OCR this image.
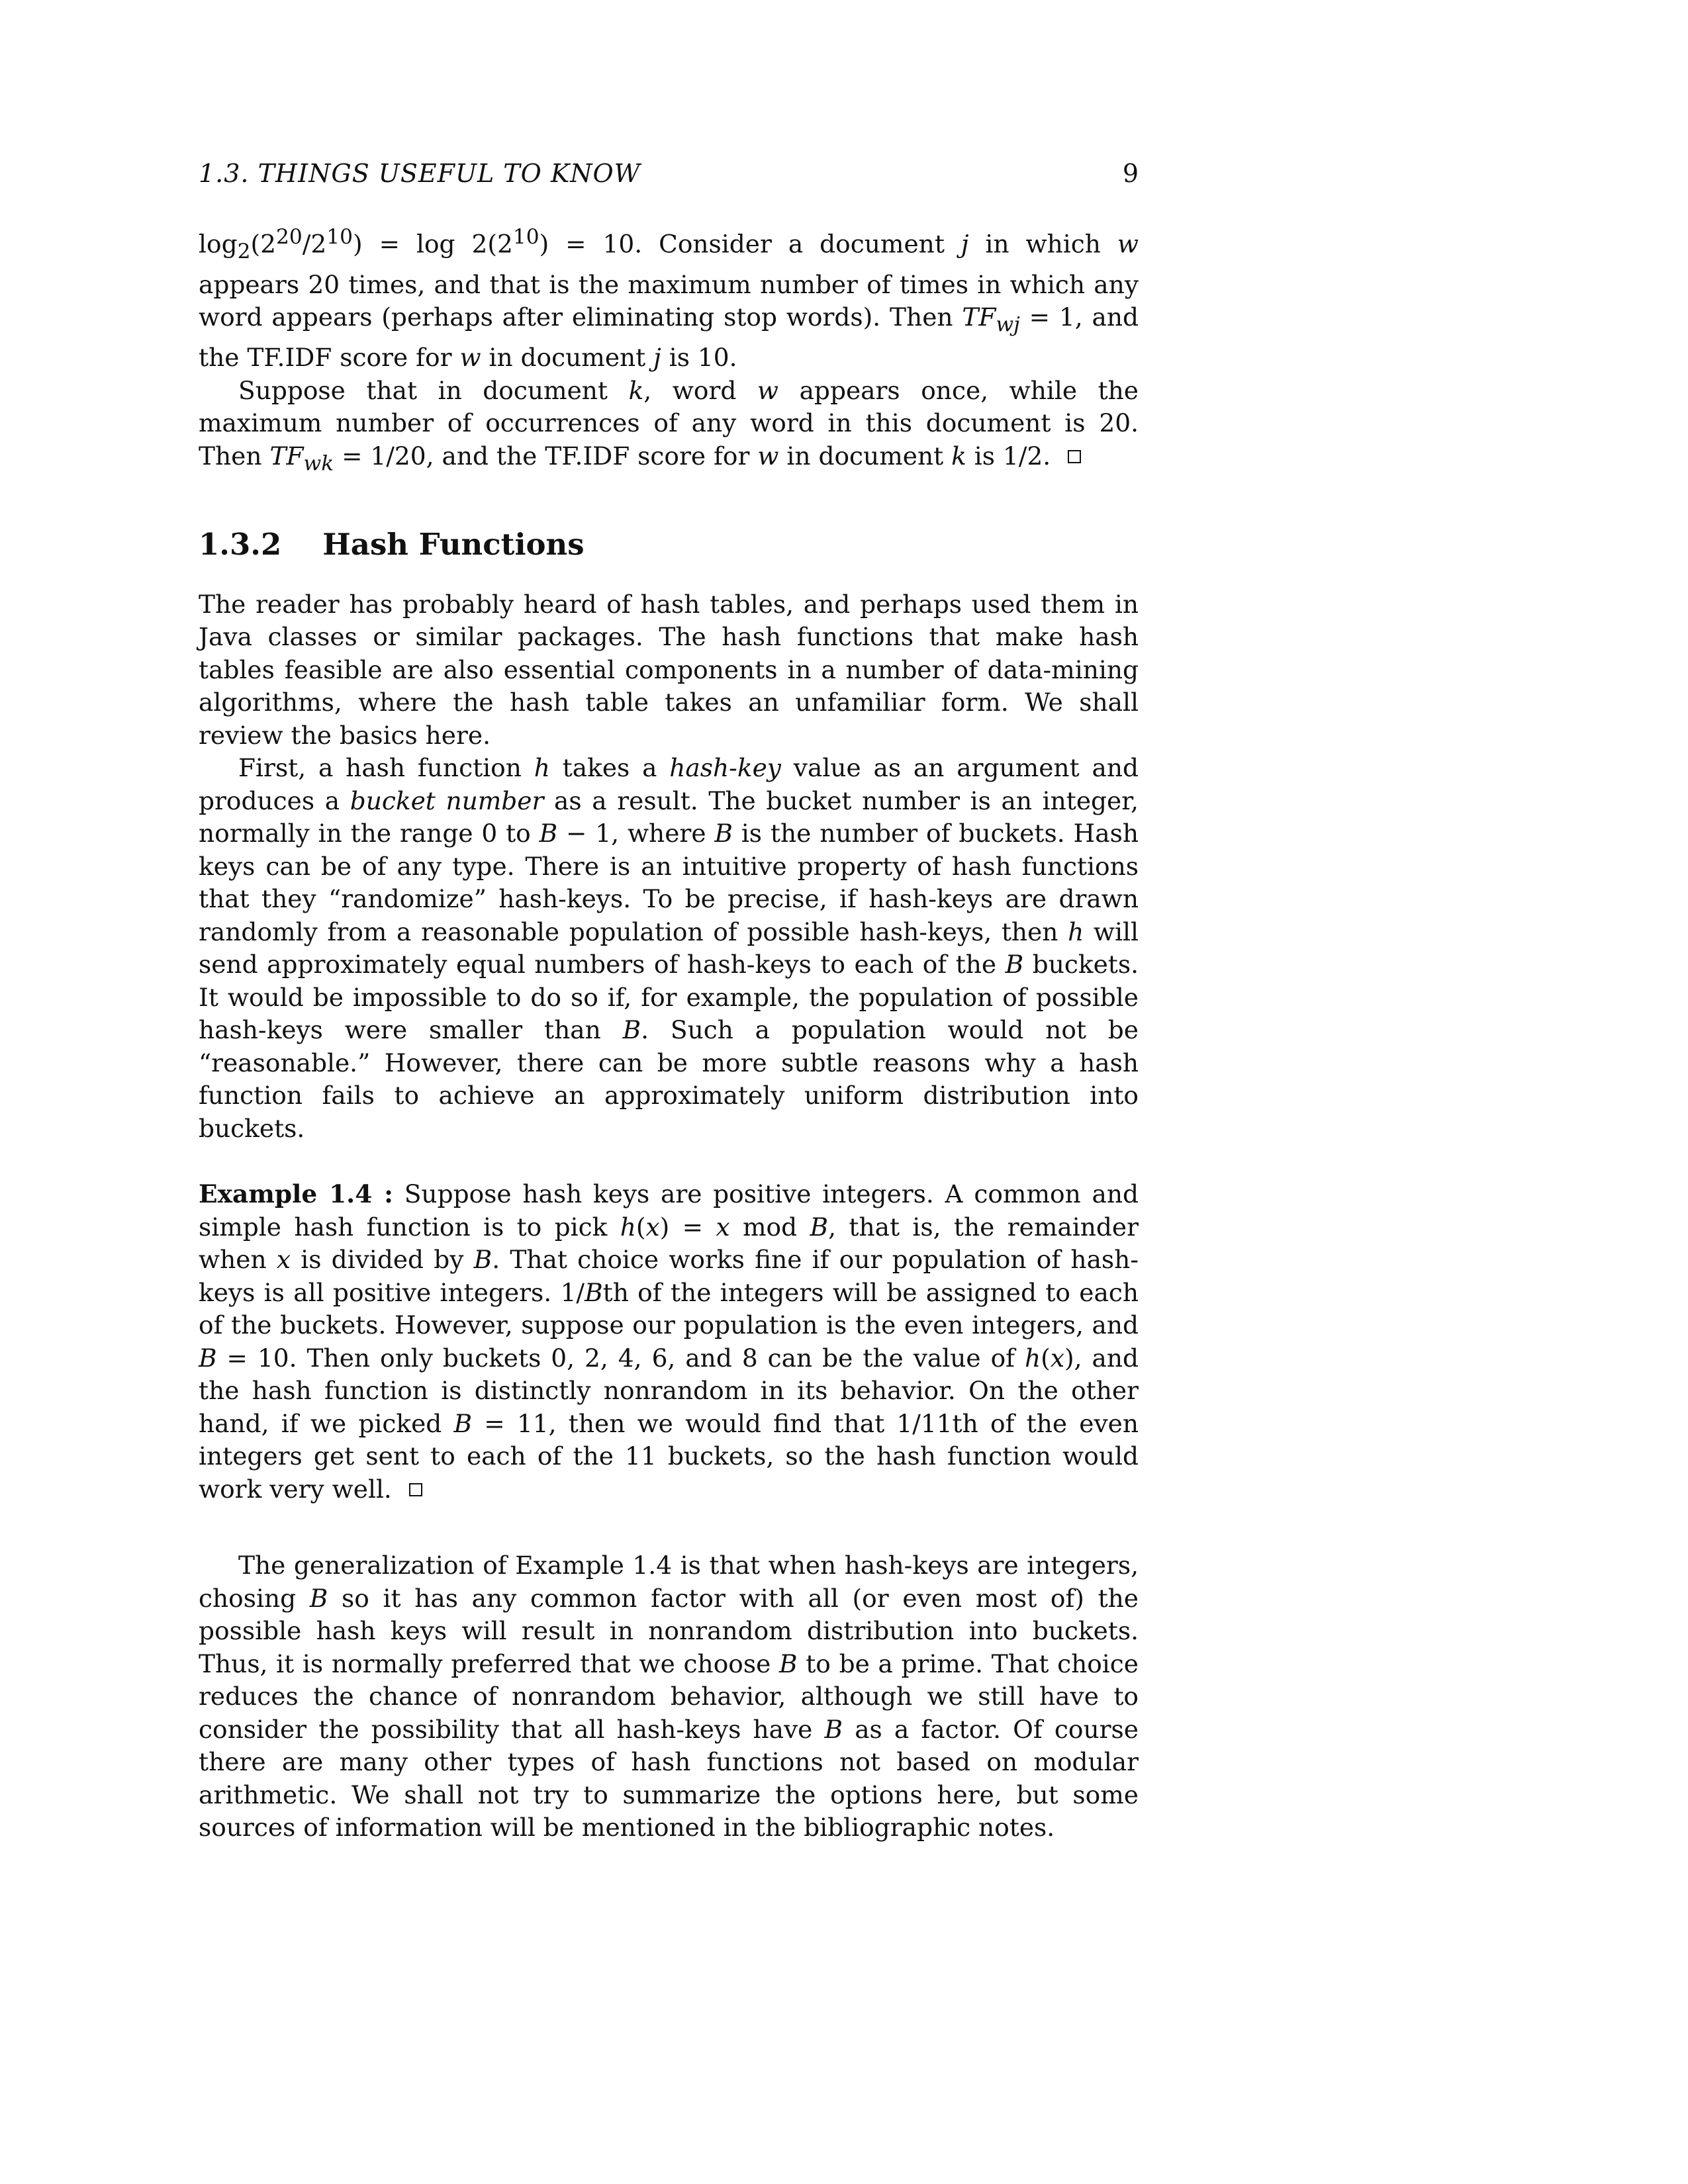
1.3. THINGS USEFUL TO KNOW	9

$\log_2(2^{20}/2^{10}) = \log 2(2^{10}) = 10$. Consider a document j in which w appears 20 times, and that is the maximum number of times in which any word appears (perhaps after eliminating stop words). Then $TF_{wj} = 1$, and the TF.IDF score for w in document j is 10.

Suppose that in document k, word w appears once, while the maximum number of occurrences of any word in this document is 20. Then $TF_{wk} = 1/20$, and the TF.IDF score for w in document k is 1/2.

1.3.2 Hash Functions

The reader has probably heard of hash tables, and perhaps used them in Java classes or similar packages. The hash functions that make hash tables feasible are also essential components in a number of data-mining algorithms, where the hash table takes an unfamiliar form. We shall review the basics here.

First, a hash function h takes a hash-key value as an argument and produces a bucket number as a result. The bucket number is an integer, normally in the range 0 to B − 1, where B is the number of buckets. Hash keys can be of any type. There is an intuitive property of hash functions that they “randomize” hash-keys. To be precise, if hash-keys are drawn randomly from a reasonable population of possible hash-keys, then h will send approximately equal numbers of hash-keys to each of the B buckets. It would be impossible to do so if, for example, the population of possible hash-keys were smaller than B. Such a population would not be “reasonable.” However, there can be more subtle reasons why a hash function fails to achieve an approximately uniform distribution into buckets.

Example 1.4 : Suppose hash keys are positive integers. A common and simple hash function is to pick h(x) = x mod B, that is, the remainder when x is divided by B. That choice works fine if our population of hash-keys is all positive integers. 1/Bth of the integers will be assigned to each of the buckets. However, suppose our population is the even integers, and B = 10. Then only buckets 0, 2, 4, 6, and 8 can be the value of h(x), and the hash function is distinctly nonrandom in its behavior. On the other hand, if we picked B = 11, then we would find that 1/11th of the even integers get sent to each of the 11 buckets, so the hash function would work very well.

The generalization of Example 1.4 is that when hash-keys are integers, chosing B so it has any common factor with all (or even most of) the possible hash keys will result in nonrandom distribution into buckets. Thus, it is normally preferred that we choose B to be a prime. That choice reduces the chance of nonrandom behavior, although we still have to consider the possibility that all hash-keys have B as a factor. Of course there are many other types of hash functions not based on modular arithmetic. We shall not try to summarize the options here, but some sources of information will be mentioned in the bibliographic notes.
